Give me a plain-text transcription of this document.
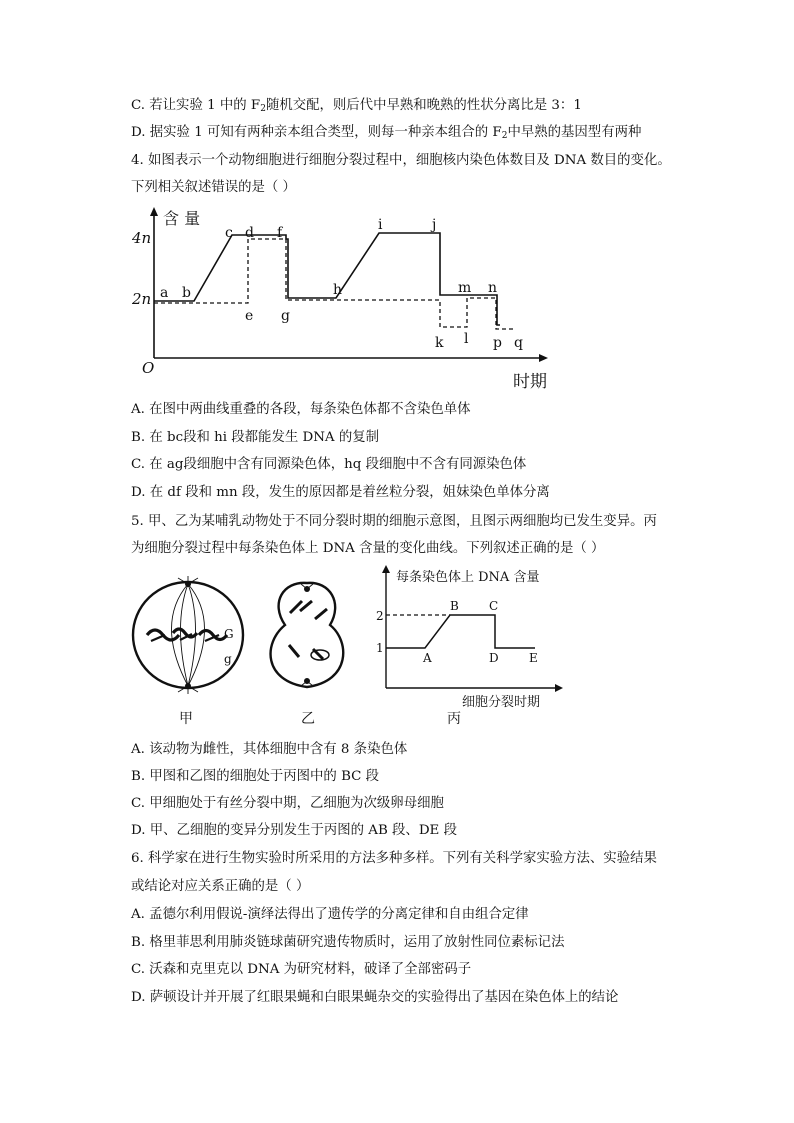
C. 若让实验 1 中的 $F_2$随机交配，则后代中早熟和晚熟的性状分离比是 3：1
D. 据实验 1 可知有两种亲本组合类型，则每一种亲本组合的 $F_2$中早熟的基因型有两种
4. 如图表示一个动物细胞进行细胞分裂过程中，细胞核内染色体数目及 DNA 数目的变化。
下列相关叙述错误的是（ ）
含 量
时期
O
4n
2n a b
c d
e
f
g
h
i	j
k l
m n
p q
A. 在图中两曲线重叠的各段，每条染色体都不含染色单体
B. 在 bc段和 hi 段都能发生 DNA 的复制
C. 在 ag段细胞中含有同源染色体，hq 段细胞中不含有同源染色体
D. 在 df 段和 mn 段，发生的原因都是着丝粒分裂，姐妹染色单体分离
5. 甲、乙为某哺乳动物处于不同分裂时期的细胞示意图，且图示两细胞均已发生变异。丙
为细胞分裂过程中每条染色体上 DNA 含量的变化曲线。下列叙述正确的是（ ）
G
g
甲	乙
每条染色体上 DNA 含量
细胞分裂时期
2
1
A
B	C
D	E
丙
A. 该动物为雌性，其体细胞中含有 8 条染色体
B. 甲图和乙图的细胞处于丙图中的 BC 段
C. 甲细胞处于有丝分裂中期，乙细胞为次级卵母细胞
D. 甲、乙细胞的变异分别发生于丙图的 AB 段、DE 段
6. 科学家在进行生物实验时所采用的方法多种多样。下列有关科学家实验方法、实验结果
或结论对应关系正确的是（ ）
A. 孟德尔利用假说-演绎法得出了遗传学的分离定律和自由组合定律
B. 格里菲思利用肺炎链球菌研究遗传物质时，运用了放射性同位素标记法
C. 沃森和克里克以 DNA 为研究材料，破译了全部密码子
D. 萨顿设计并开展了红眼果蝇和白眼果蝇杂交的实验得出了基因在染色体上的结论
